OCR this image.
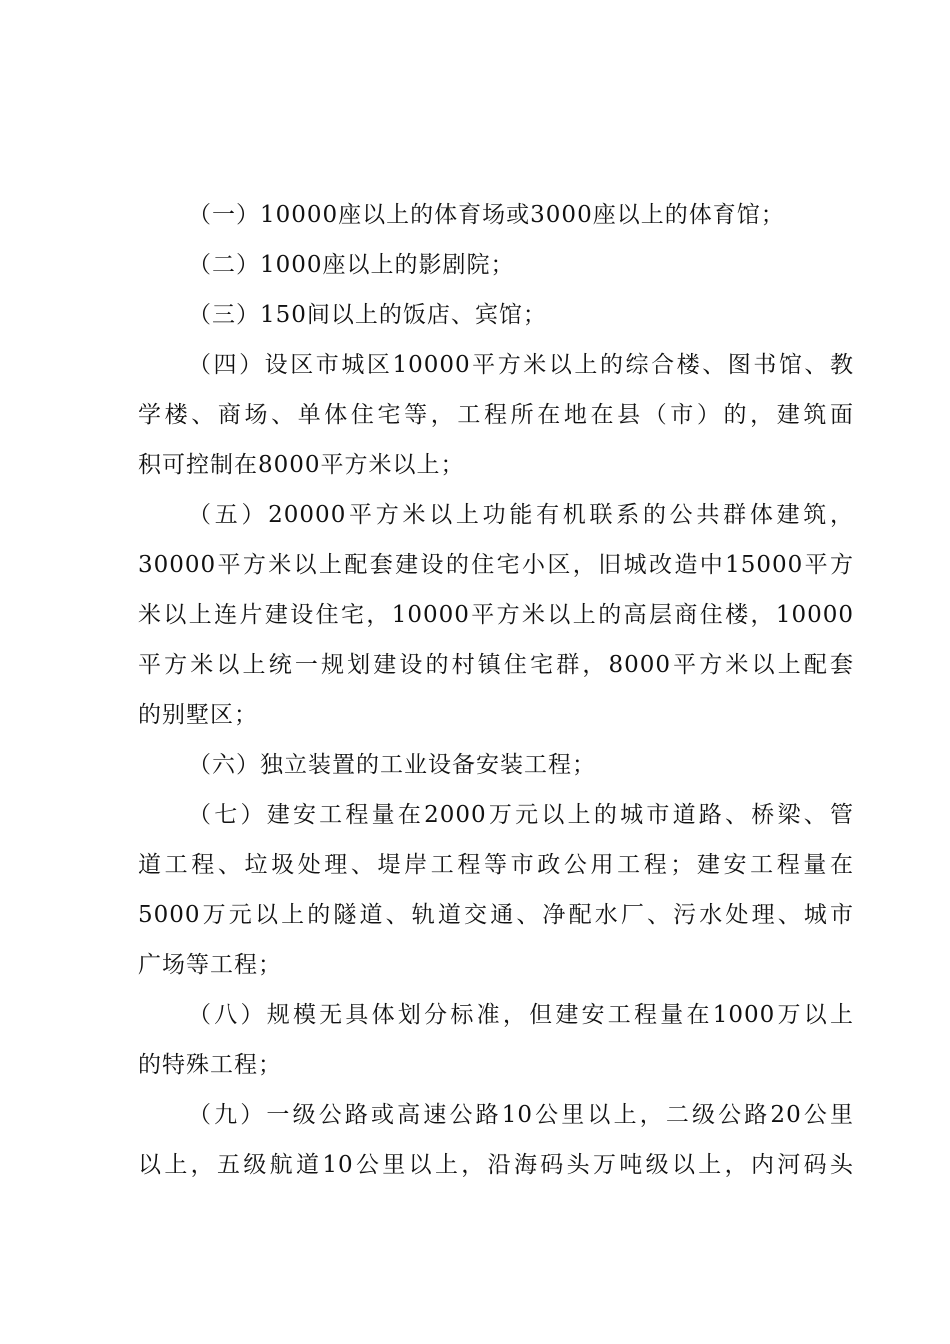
（一）10000座以上的体育场或3000座以上的体育馆；
（二）1000座以上的影剧院；
（三）150间以上的饭店、宾馆；
（四）设区市城区10000平方米以上的综合楼、图书馆、教
学楼、商场、单体住宅等，工程所在地在县（市）的，建筑面
积可控制在8000平方米以上；
（五）20000平方米以上功能有机联系的公共群体建筑，
30000平方米以上配套建设的住宅小区，旧城改造中15000平方
米以上连片建设住宅，10000平方米以上的高层商住楼，10000
平方米以上统一规划建设的村镇住宅群，8000平方米以上配套
的别墅区；
（六）独立装置的工业设备安装工程；
（七）建安工程量在2000万元以上的城市道路、桥梁、管
道工程、垃圾处理、堤岸工程等市政公用工程；建安工程量在
5000万元以上的隧道、轨道交通、净配水厂、污水处理、城市
广场等工程；
（八）规模无具体划分标准，但建安工程量在1000万以上
的特殊工程；
（九）一级公路或高速公路10公里以上，二级公路20公里
以上，五级航道10公里以上，沿海码头万吨级以上，内河码头
